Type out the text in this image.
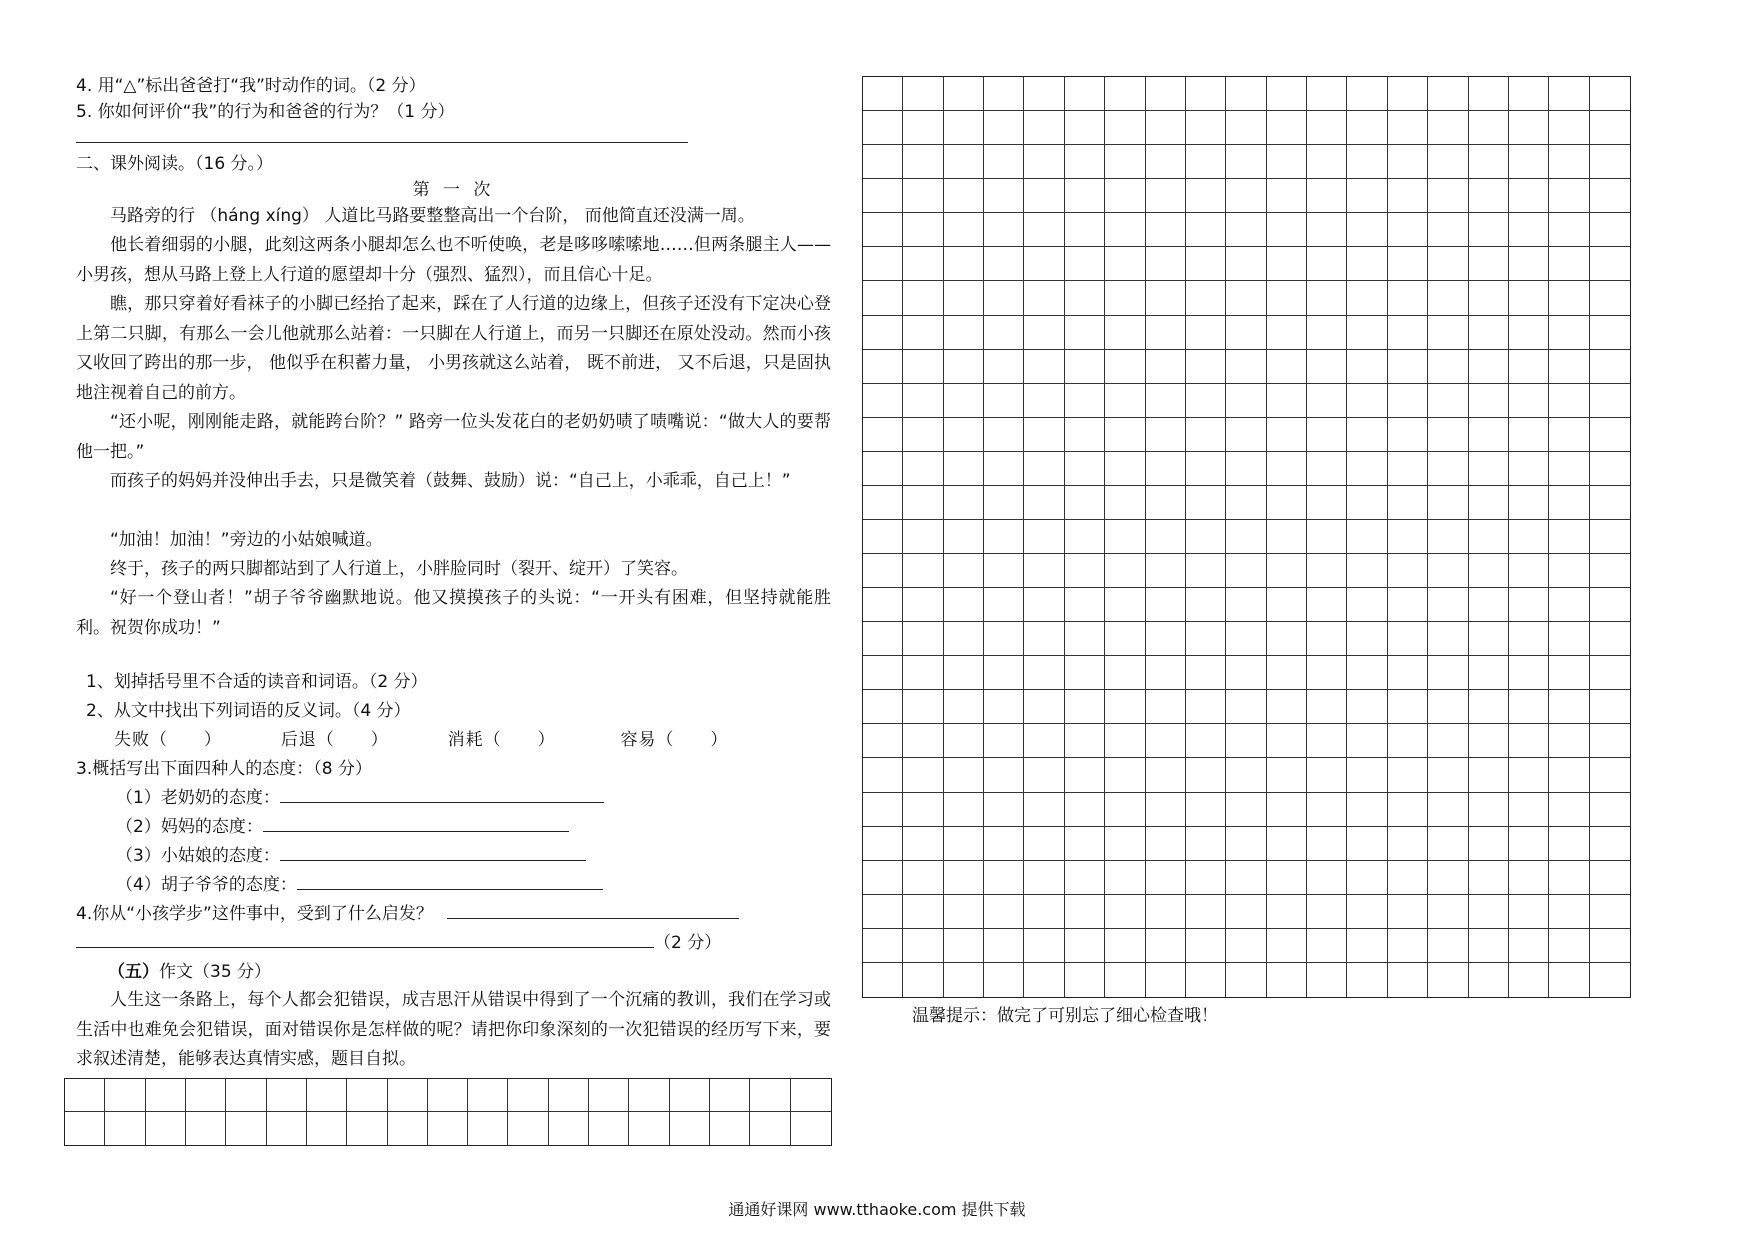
4. 用“△”标出爸爸打“我”时动作的词。（2 分）
5. 你如何评价“我”的行为和爸爸的行为？（1 分）
二、课外阅读。（16 分。）
第 一 次
马路旁的行 （háng xíng） 人道比马路要整整高出一个台阶， 而他简直还没满一周。
他长着细弱的小腿，此刻这两条小腿却怎么也不听使唤，老是哆哆嗦嗦地……但两条腿主人—— 小男孩，想从马路上登上人行道的愿望却十分（强烈、猛烈），而且信心十足。
瞧，那只穿着好看袜子的小脚已经抬了起来，踩在了人行道的边缘上，但孩子还没有下定决心登上第二只脚，有那么一会儿他就那么站着：一只脚在人行道上，而另一只脚还在原处没动。然而小孩又收回了跨出的那一步， 他似乎在积蓄力量， 小男孩就这么站着， 既不前进， 又不后退，只是固执地注视着自己的前方。
“还小呢，刚刚能走路，就能跨台阶？” 路旁一位头发花白的老奶奶啧了啧嘴说：“做大人的要帮他一把。”
而孩子的妈妈并没伸出手去，只是微笑着（鼓舞、鼓励）说：“自己上，小乖乖，自己上！”
“加油！加油！”旁边的小姑娘喊道。
终于，孩子的两只脚都站到了人行道上，小胖脸同时（裂开、绽开）了笑容。
“好一个登山者！”胡子爷爷幽默地说。他又摸摸孩子的头说：“一开头有困难，但坚持就能胜利。祝贺你成功！”
1、划掉括号里不合适的读音和词语。（2 分）
2、从文中找出下列词语的反义词。（4 分）
失败（　　）	后退（　　）	消耗（　　）	容易（　　）
3.概括写出下面四种人的态度：（8 分）
（1）老奶奶的态度：
（2）妈妈的态度：
（3）小姑娘的态度：
（4）胡子爷爷的态度：
4.你从“小孩学步”这件事中，受到了什么启发？
（2 分）
（五）作文（35 分）
人生这一条路上，每个人都会犯错误，成吉思汗从错误中得到了一个沉痛的教训，我们在学习或生活中也难免会犯错误，面对错误你是怎样做的呢？请把你印象深刻的一次犯错误的经历写下来，要求叙述清楚，能够表达真情实感，题目自拟。
温馨提示：做完了可别忘了细心检查哦！
通通好课网 www.tthaoke.com 提供下载
